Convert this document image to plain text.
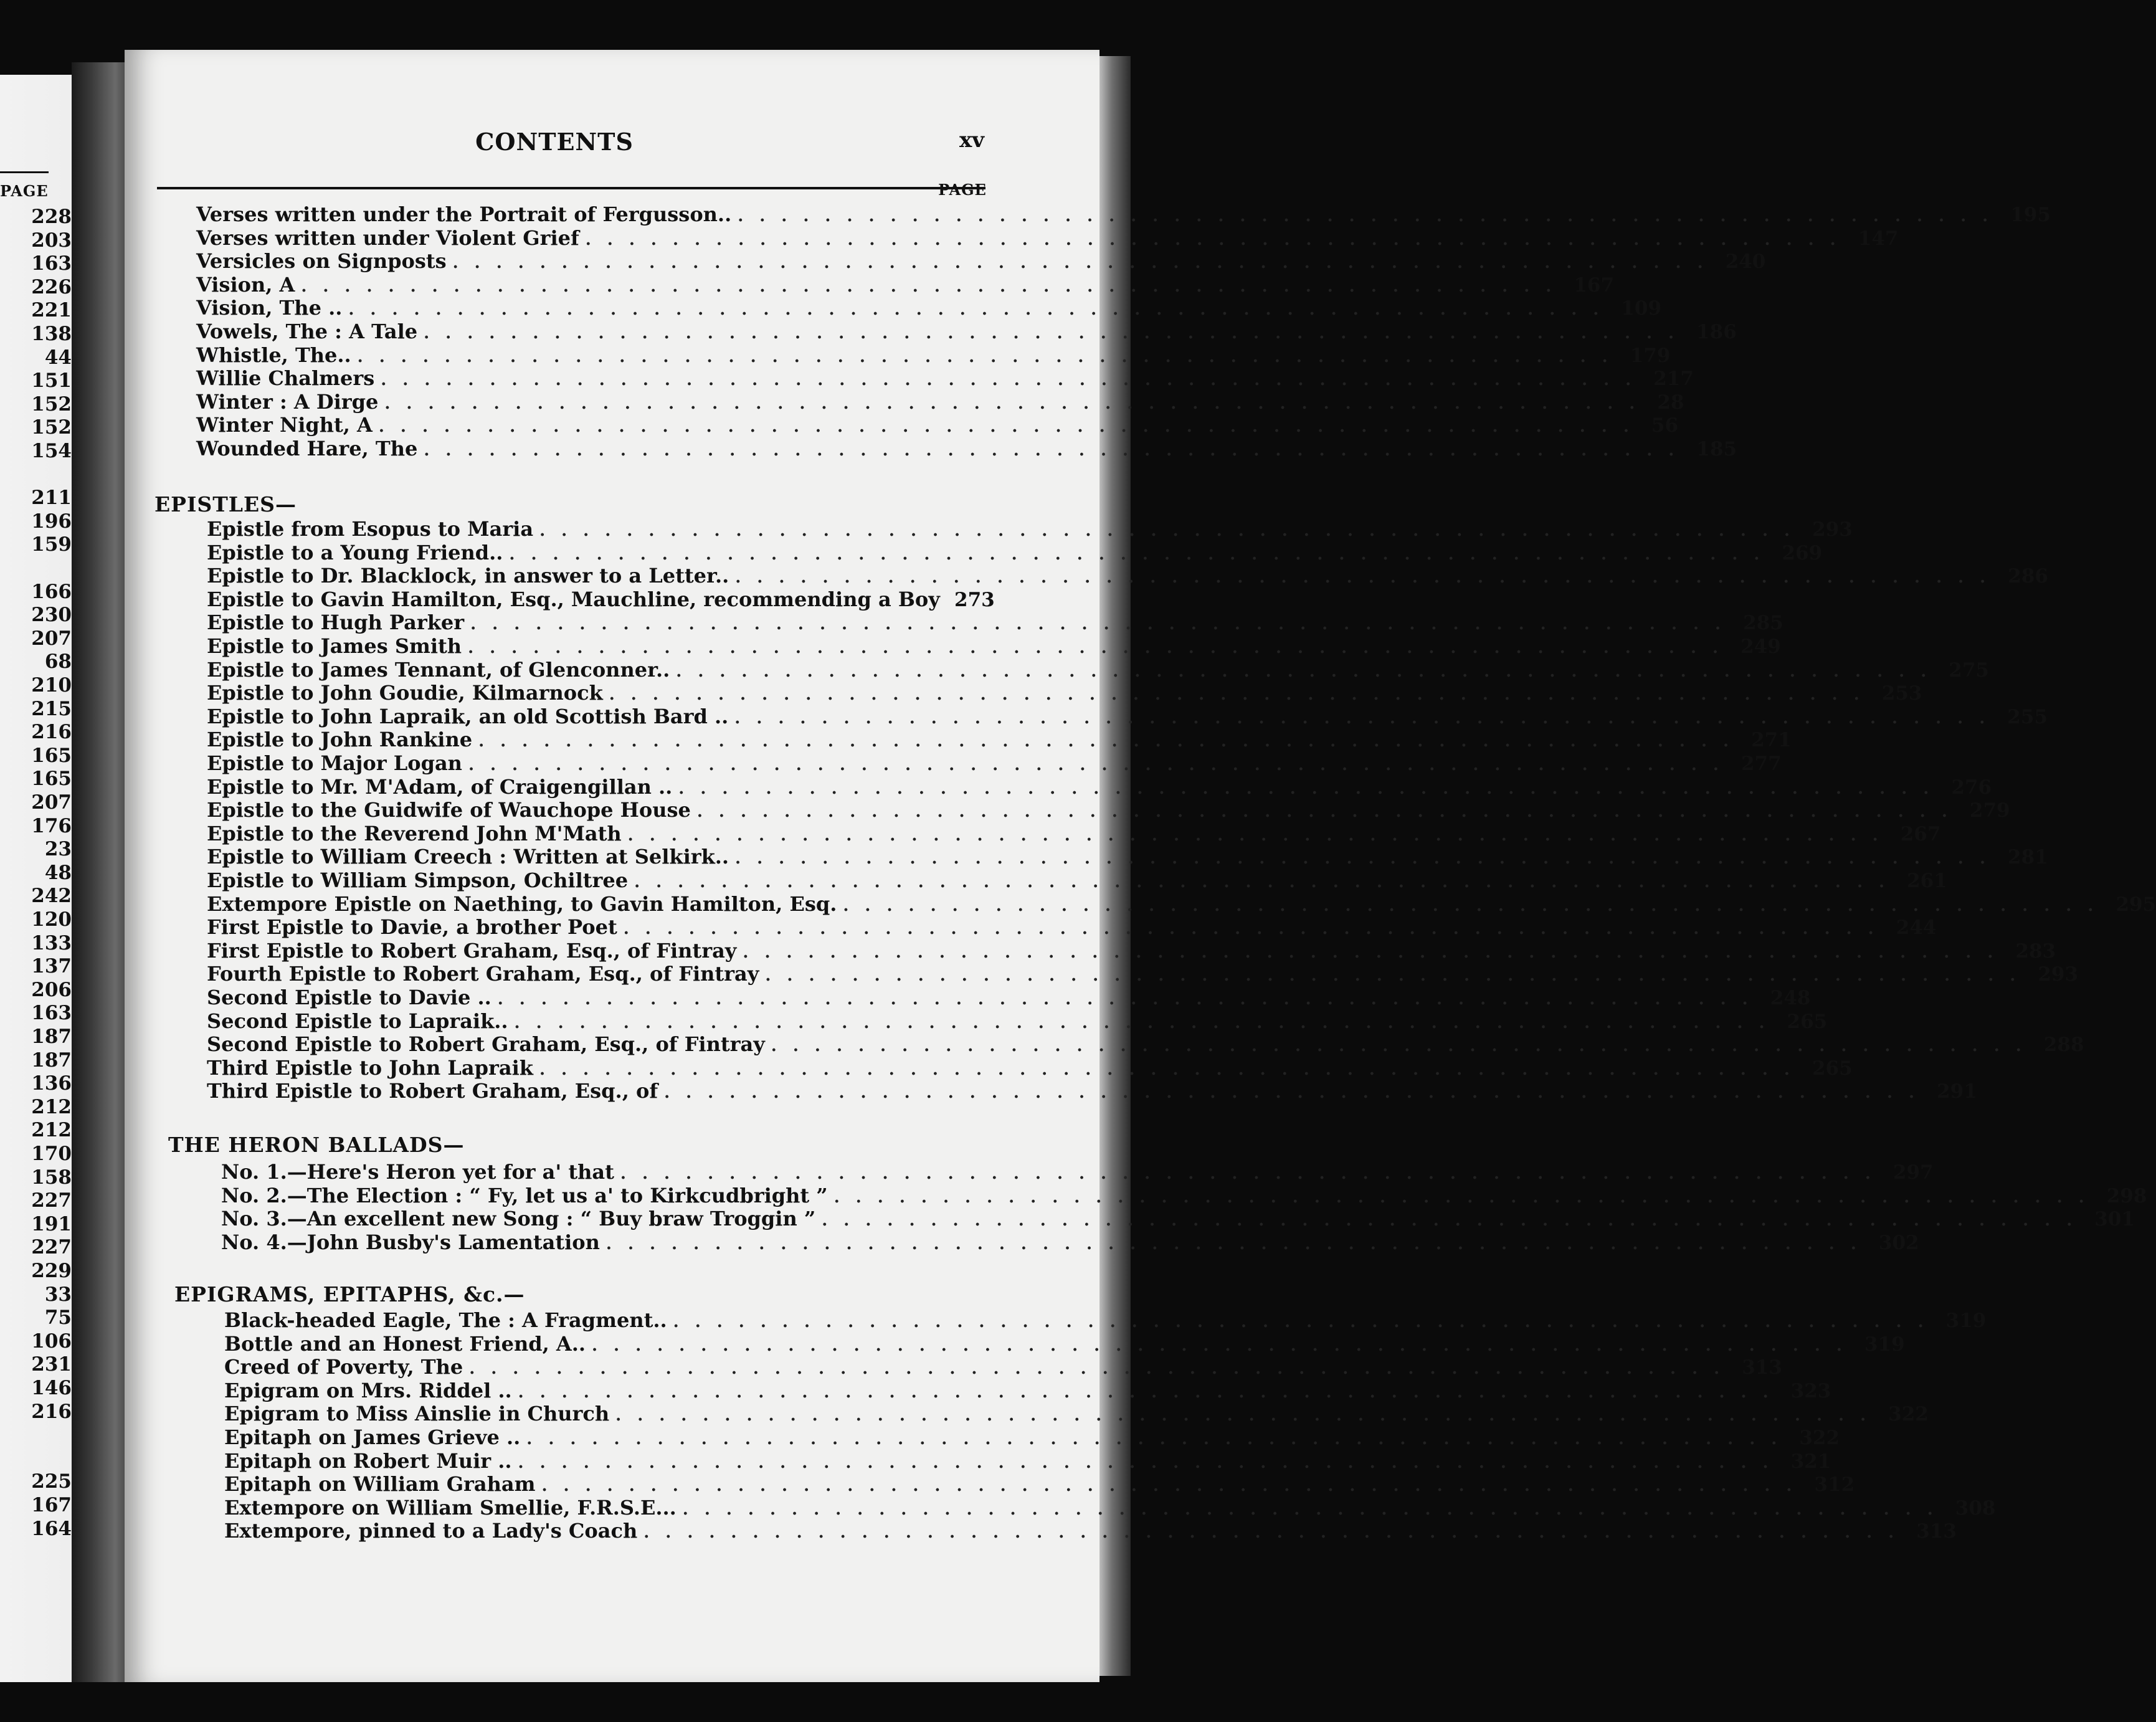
PAGE
228
203
163
226
221
138
44
151
152
152
154
211
196
159
166
230
207
68
210
215
216
165
165
207
176
23
48
242
120
133
137
206
163
187
187
136
212
212
170
158
227
191
227
229
33
75
106
231
146
216
225
167
164
CONTENTS	xv
PAGE
Verses written under the Portrait of Fergusson.. .......................................................... 195
Verses written under Violent Grief .......................................................... 147
Versicles on Signposts .......................................................... 240
Vision, A .......................................................... 167
Vision, The .. .......................................................... 109
Vowels, The : A Tale .......................................................... 186
Whistle, The.. .......................................................... 179
Willie Chalmers .......................................................... 217
Winter : A Dirge .......................................................... 28
Winter Night, A .......................................................... 56
Wounded Hare, The .......................................................... 185
EPISTLES—
Epistle from Esopus to Maria .......................................................... 293
Epistle to a Young Friend.. .......................................................... 269
Epistle to Dr. Blacklock, in answer to a Letter.. .......................................................... 286
Epistle to Gavin Hamilton, Esq., Mauchline, recommending a Boy 273
Epistle to Hugh Parker .......................................................... 285
Epistle to James Smith .......................................................... 249
Epistle to James Tennant, of Glenconner.. .......................................................... 275
Epistle to John Goudie, Kilmarnock .......................................................... 253
Epistle to John Lapraik, an old Scottish Bard .. .......................................................... 255
Epistle to John Rankine .......................................................... 271
Epistle to Major Logan .......................................................... 277
Epistle to Mr. M'Adam, of Craigengillan .. .......................................................... 276
Epistle to the Guidwife of Wauchope House .......................................................... 279
Epistle to the Reverend John M'Math .......................................................... 267
Epistle to William Creech : Written at Selkirk.. .......................................................... 281
Epistle to William Simpson, Ochiltree .......................................................... 261
Extempore Epistle on Naething, to Gavin Hamilton, Esq. .......................................................... 295
First Epistle to Davie, a brother Poet .......................................................... 244
First Epistle to Robert Graham, Esq., of Fintray .......................................................... 283
Fourth Epistle to Robert Graham, Esq., of Fintray .......................................................... 293
Second Epistle to Davie .. .......................................................... 248
Second Epistle to Lapraik.. .......................................................... 265
Second Epistle to Robert Graham, Esq., of Fintray .......................................................... 288
Third Epistle to John Lapraik .......................................................... 265
Third Epistle to Robert Graham, Esq., of .......................................................... 291
THE HERON BALLADS—
No. 1.—Here's Heron yet for a' that .......................................................... 297
No. 2.—The Election : “ Fy, let us a' to Kirkcudbright ” .......................................................... 298
No. 3.—An excellent new Song : “ Buy braw Troggin ” .......................................................... 301
No. 4.—John Busby's Lamentation .......................................................... 302
EPIGRAMS, EPITAPHS, &c.—
Black-headed Eagle, The : A Fragment.. .......................................................... 319
Bottle and an Honest Friend, A.. .......................................................... 319
Creed of Poverty, The .......................................................... 313
Epigram on Mrs. Riddel .. .......................................................... 323
Epigram to Miss Ainslie in Church .......................................................... 322
Epitaph on James Grieve .. .......................................................... 322
Epitaph on Robert Muir .. .......................................................... 321
Epitaph on William Graham .......................................................... 312
Extempore on William Smellie, F.R.S.E... .......................................................... 308
Extempore, pinned to a Lady's Coach .......................................................... 313
